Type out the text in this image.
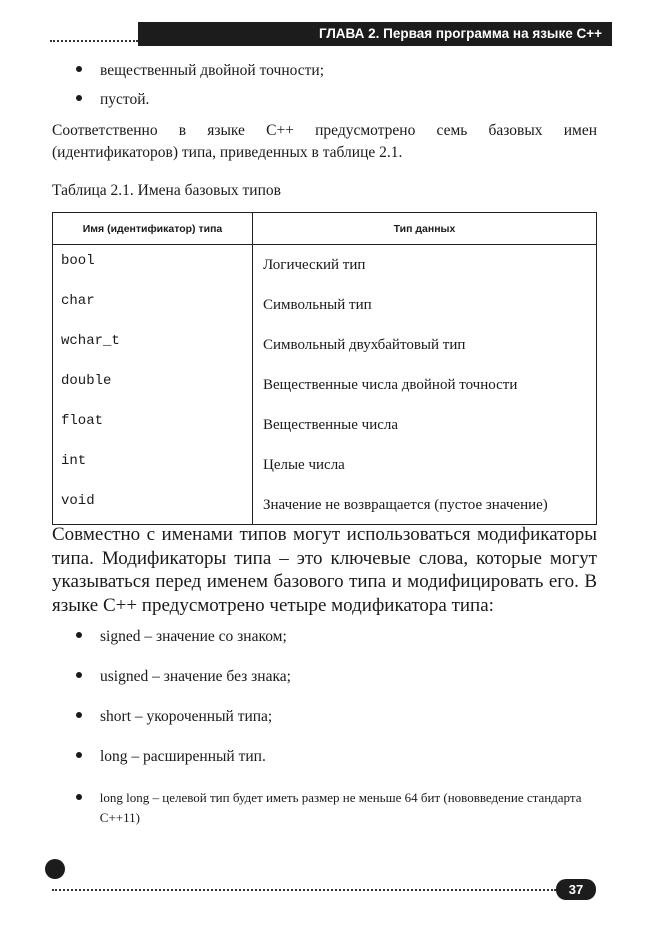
ГЛАВА 2. Первая программа на языке С++
вещественный двойной точности;
пустой.
Соответственно в языке С++ предусмотрено семь базовых имен (идентификаторов) типа, приведенных в таблице 2.1.
Таблица 2.1. Имена базовых типов
Имя (идентификатор) типа	Тип данных
bool	Логический тип
char	Символьный тип
wchar_t	Символьный двухбайтовый тип
double	Вещественные числа двойной точности
float	Вещественные числа
int	Целые числа
void	Значение не возвращается (пустое значение)
Совместно с именами типов могут использоваться модификаторы типа. Модификаторы типа – это ключевые слова, которые могут указываться перед именем базового типа и модифицировать его. В языке С++ предусмотрено четыре модификатора типа:
signed – значение со знаком;
usigned – значение без знака;
short – укороченный типа;
long – расширенный тип.
long long – целевой тип будет иметь размер не меньше 64 бит (нововведение стандарта С++11)
37
